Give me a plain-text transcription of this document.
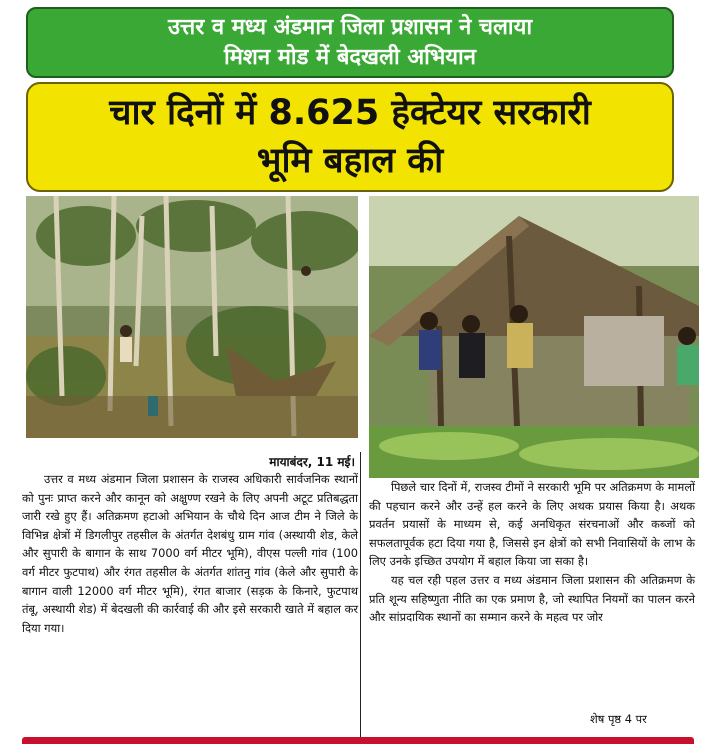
उत्तर व मध्य अंडमान जिला प्रशासन ने चलाया
मिशन मोड में बेदखली अभियान
चार दिनों में 8.625 हेक्टेयर सरकारी
भूमि बहाल की
मायाबंदर, 11 मई।

उत्तर व मध्य अंडमान जिला प्रशासन के राजस्व अधिकारी सार्वजनिक स्थानों को पुनः प्राप्त करने और कानून को अक्षुण्ण रखने के लिए अपनी अटूट प्रतिबद्धता जारी रखे हुए हैं। अतिक्रमण हटाओ अभियान के चौथे दिन आज टीम ने जिले के विभिन्न क्षेत्रों में डिगलीपुर तहसील के अंतर्गत देशबंधु ग्राम गांव (अस्थायी शेड, केले और सुपारी के बागान के साथ 7000 वर्ग मीटर भूमि), वीएस पल्ली गांव (100 वर्ग मीटर फुटपाथ) और रंगत तहसील के अंतर्गत शांतनु गांव (केले और सुपारी के बागान वाली 12000 वर्ग मीटर भूमि), रंगत बाजार (सड़क के किनारे, फुटपाथ तंबू, अस्थायी शेड) में बेदखली की कार्रवाई की और इसे सरकारी खाते में बहाल कर दिया गया।

पिछले चार दिनों में, राजस्व टीमों ने सरकारी भूमि पर अतिक्रमण के मामलों की पहचान करने और उन्हें हल करने के लिए अथक प्रयास किया है। अथक प्रवर्तन प्रयासों के माध्यम से, कई अनधिकृत संरचनाओं और कब्जों को सफलतापूर्वक हटा दिया गया है, जिससे इन क्षेत्रों को सभी निवासियों के लाभ के लिए उनके इच्छित उपयोग में बहाल किया जा सका है।

यह चल रही पहल उत्तर व मध्य अंडमान जिला प्रशासन की अतिक्रमण के प्रति शून्य सहिष्णुता नीति का एक प्रमाण है, जो स्थापित नियमों का पालन करने और सांप्रदायिक स्थानों का सम्मान करने के महत्व पर जोर

शेष पृष्ठ 4 पर
